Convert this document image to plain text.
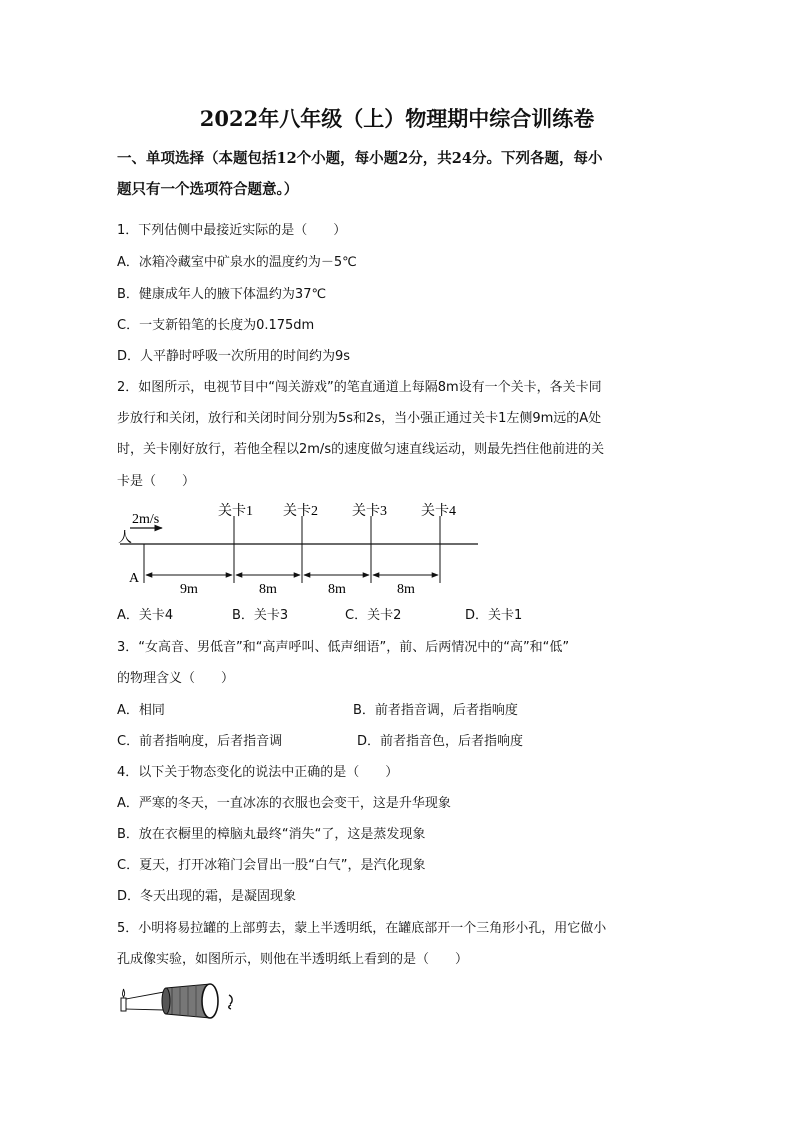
2022年八年级（上）物理期中综合训练卷
一、单项选择（本题包括12个小题，每小题2分，共24分。下列各题，每小
题只有一个选项符合题意。）
1．下列估侧中最接近实际的是（　　）
A．冰箱冷藏室中矿泉水的温度约为－5℃
B．健康成年人的腋下体温约为37℃
C．一支新铅笔的长度为0.175dm
D．人平静时呼吸一次所用的时间约为9s
2．如图所示，电视节目中“闯关游戏”的笔直通道上每隔8m设有一个关卡，各关卡同
步放行和关闭，放行和关闭时间分别为5s和2s，当小强正通过关卡1左侧9m远的A处
时，关卡刚好放行，若他全程以2m/s的速度做匀速直线运动，则最先挡住他前进的关
卡是（　　）
2m/s
人
A
关卡1 关卡2 关卡3 关卡4
9m	8m	8m	8m
A．关卡4	B．关卡3	C．关卡2	D．关卡1
3．“女高音、男低音”和“高声呼叫、低声细语”，前、后两情况中的“高”和“低”
的物理含义（　　）
A．相同	B．前者指音调，后者指响度
C．前者指响度，后者指音调	D．前者指音色，后者指响度
4．以下关于物态变化的说法中正确的是（　　）
A．严寒的冬天，一直冰冻的衣服也会变干，这是升华现象
B．放在衣橱里的樟脑丸最终“消失“了，这是蒸发现象
C．夏天，打开冰箱门会冒出一股“白气”，是汽化现象
D．冬天出现的霜，是凝固现象
5．小明将易拉罐的上部剪去，蒙上半透明纸，在罐底部开一个三角形小孔，用它做小
孔成像实验，如图所示，则他在半透明纸上看到的是（　　）
